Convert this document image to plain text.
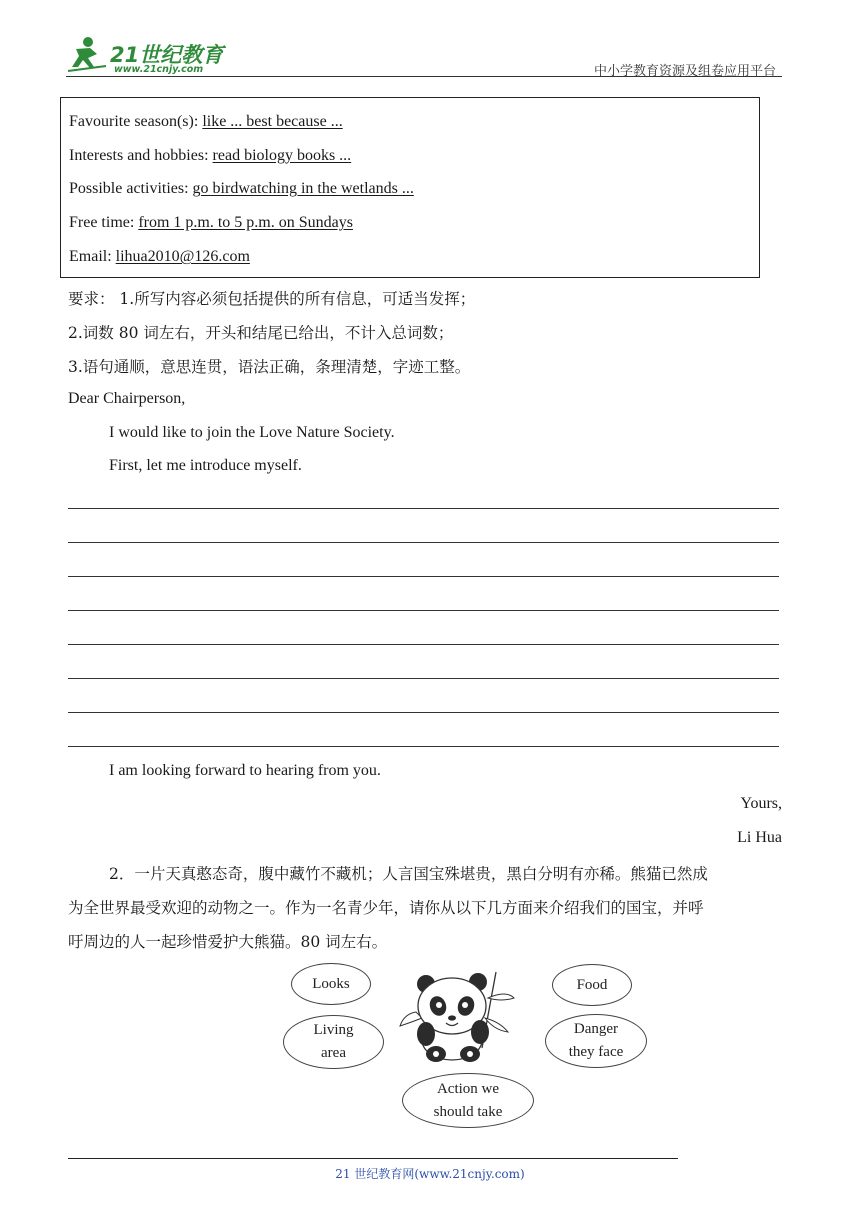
21世纪教育
www.21cnjy.com	中小学教育资源及组卷应用平台
Favourite season(s): like ... best because ...
Interests and hobbies: read biology books ...
Possible activities: go birdwatching in the wetlands ...
Free time: from 1 p.m. to 5 p.m. on Sundays
Email: lihua2010@126.com
要求： 1.所写内容必须包括提供的所有信息，可适当发挥；
2.词数 80 词左右，开头和结尾已给出，不计入总词数；
3.语句通顺，意思连贯，语法正确，条理清楚，字迹工整。
Dear Chairperson,
I would like to join the Love Nature Society.
First, let me introduce myself.
I am looking forward to hearing from you.
Yours,
Li Hua
2．一片天真憨态奇，腹中藏竹不藏机；人言国宝殊堪贵，黑白分明有亦稀。熊猫已然成
为全世界最受欢迎的动物之一。作为一名青少年，请你从以下几方面来介绍我们的国宝，并呼
吁周边的人一起珍惜爱护大熊猫。80 词左右。
Looks
Living
area
Food
Danger
they face
Action we
should take
21 世纪教育网(www.21cnjy.com)
